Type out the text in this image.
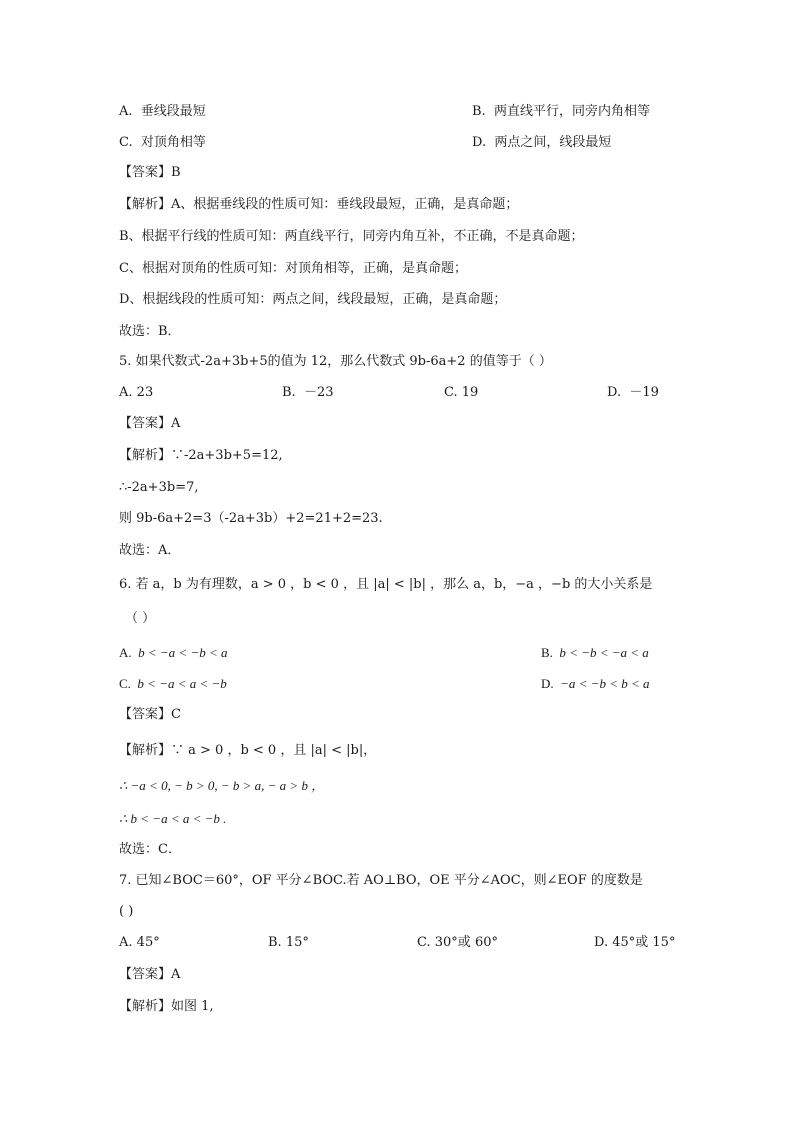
A. 垂线段最短	B. 两直线平行，同旁内角相等
C. 对顶角相等	D. 两点之间，线段最短
【答案】B
【解析】A、根据垂线段的性质可知：垂线段最短，正确，是真命题；
B、根据平行线的性质可知：两直线平行，同旁内角互补，不正确，不是真命题；
C、根据对顶角的性质可知：对顶角相等，正确，是真命题；
D、根据线段的性质可知：两点之间，线段最短，正确，是真命题；
故选：B．
5. 如果代数式-2a+3b+5的值为 12，那么代数式 9b-6a+2 的值等于（ ）
A. 23	B. －23	C. 19	D. －19
【答案】A
【解析】∵-2a+3b+5=12,
∴-2a+3b=7,
则 9b-6a+2=3（-2a+3b）+2=21+2=23.
故选：A．
6. 若 a，b 为有理数，a > 0 ，b < 0 ，且 |a| < |b| ，那么 a，b，−a ，−b 的大小关系是
（ ）
A. b < −a < −b < a	B. b < −b < −a < a
C. b < −a < a < −b	D. −a < −b < b < a
【答案】C
【解析】∵ a > 0 ，b < 0 ，且 |a| < |b|，
∴ −a < 0, − b > 0, − b > a, − a > b ，
∴ b < −a < a < −b .
故选：C．
7. 已知∠BOC＝60°，OF 平分∠BOC.若 AO⊥BO，OE 平分∠AOC，则∠EOF 的度数是
( )
A. 45°	B. 15°	C. 30°或 60°	D. 45°或 15°
【答案】A
【解析】如图 1,
